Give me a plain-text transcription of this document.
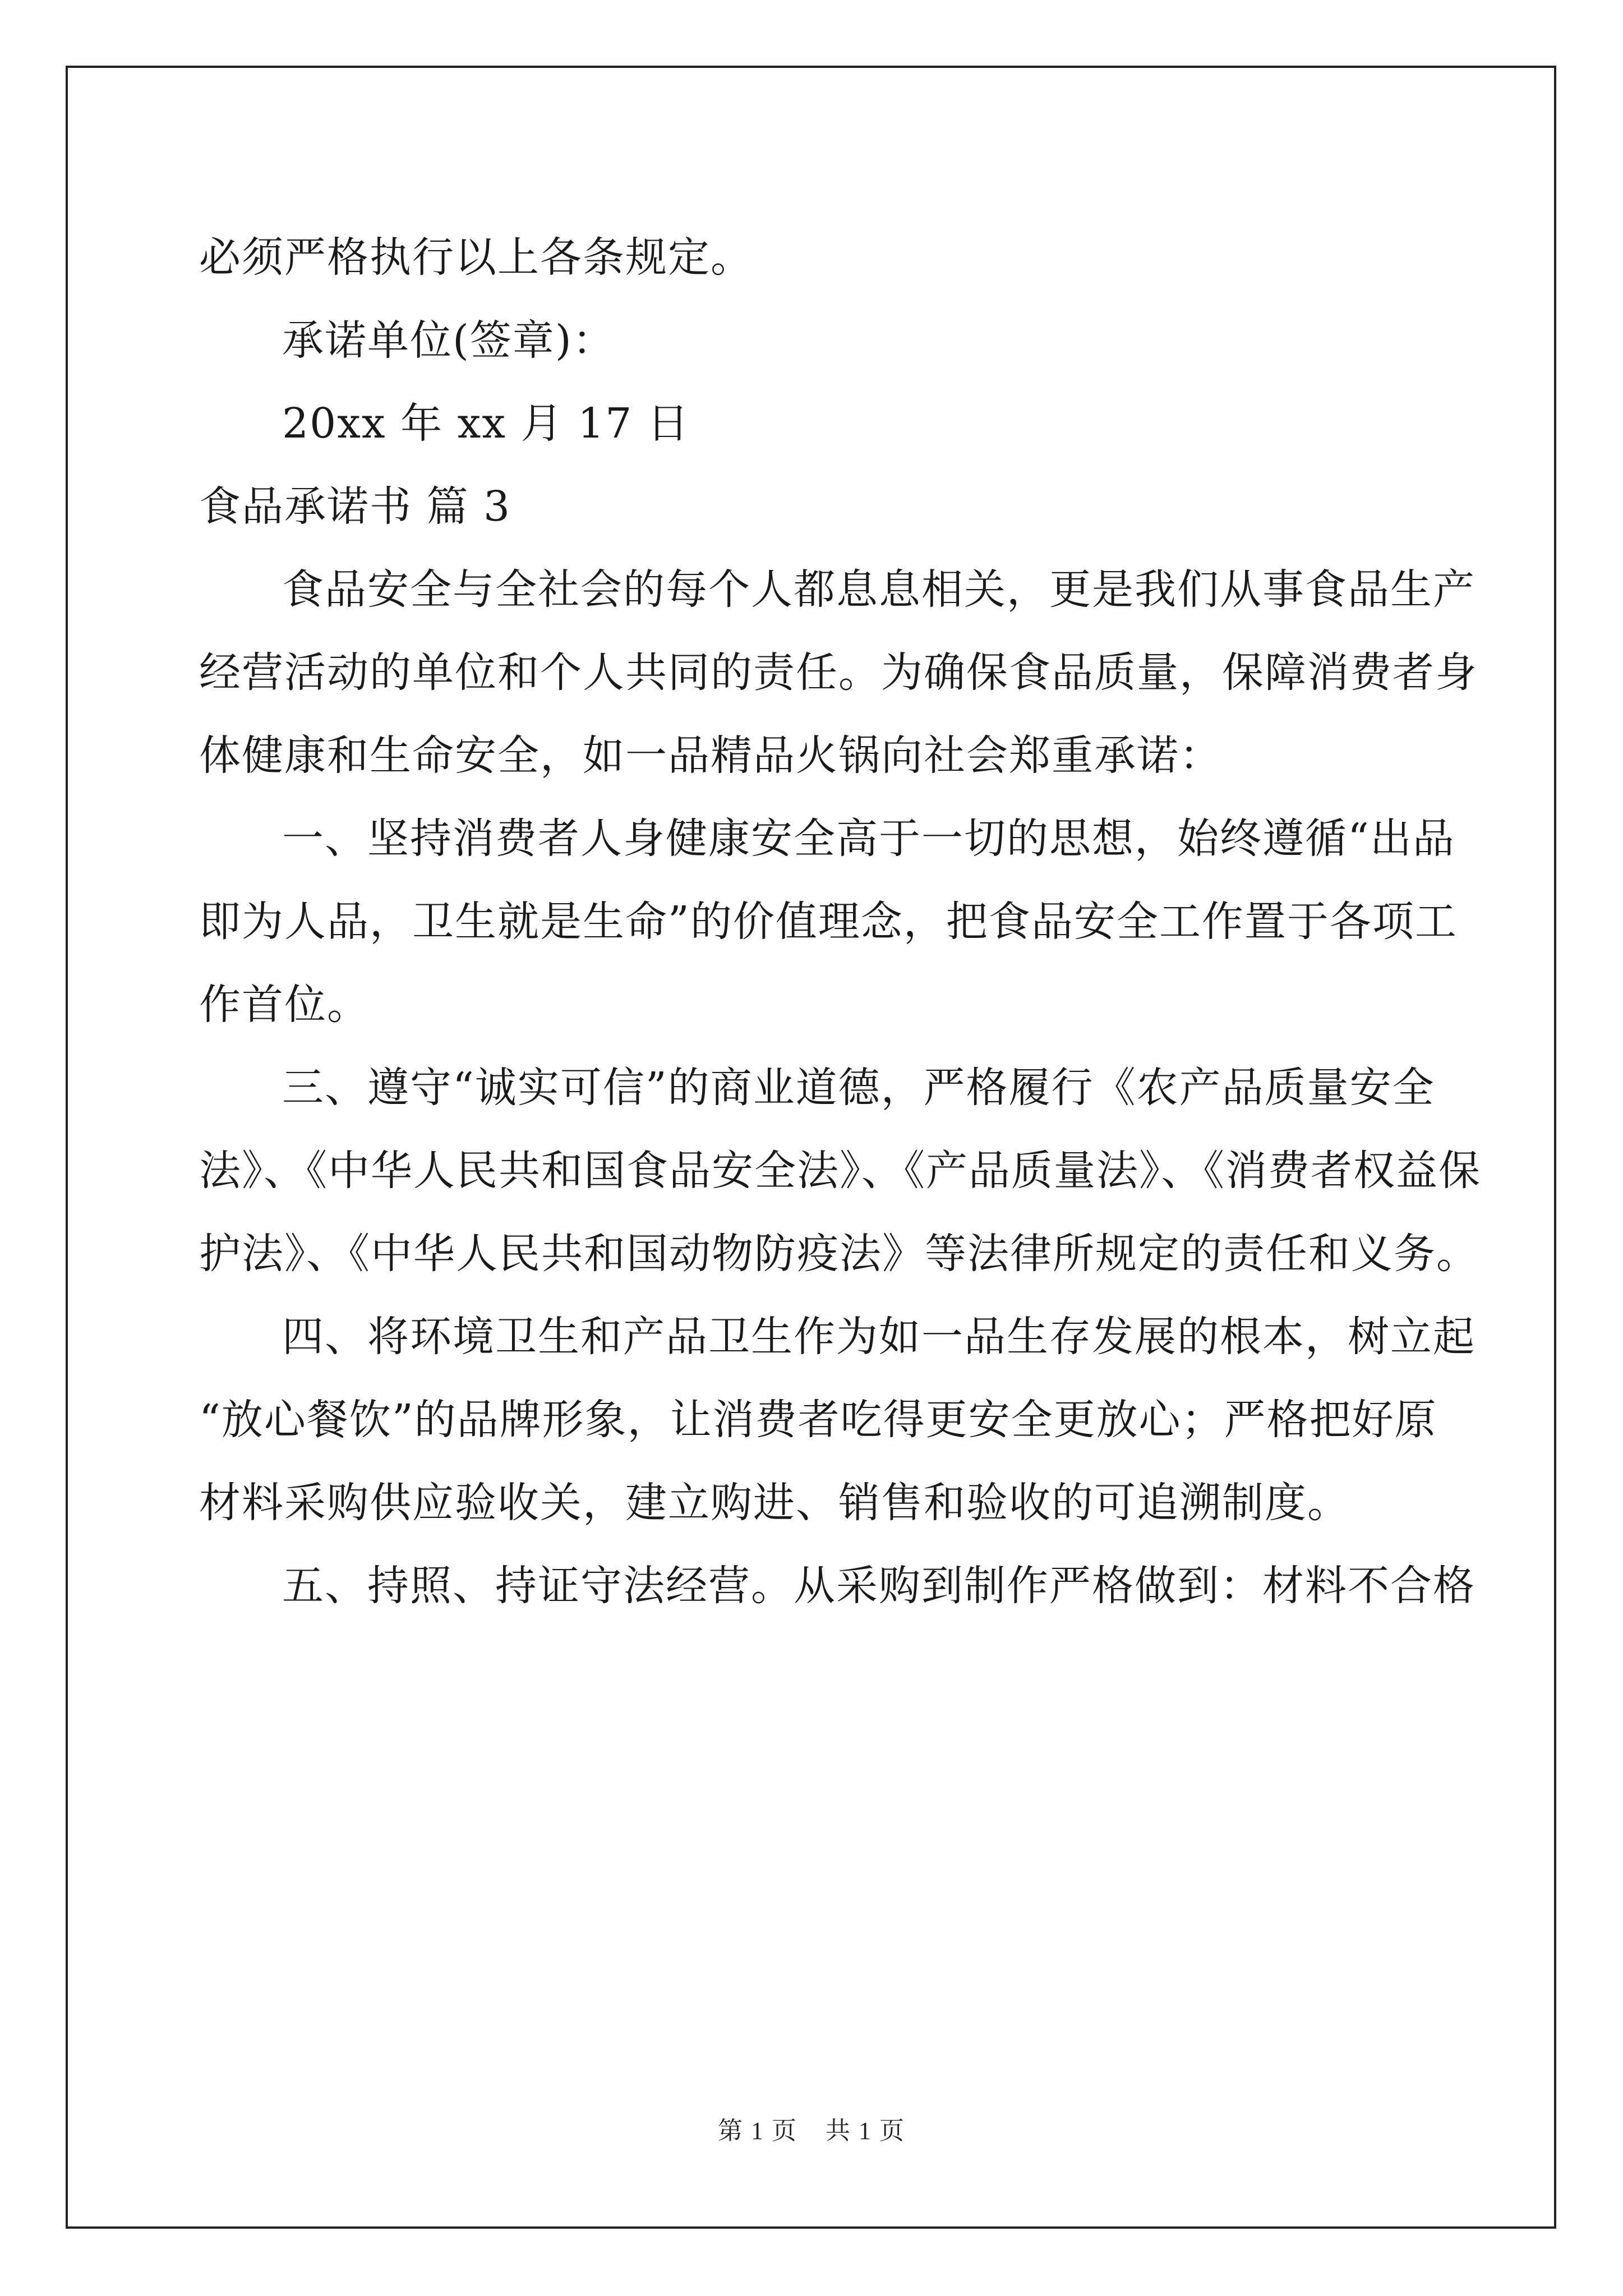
必须严格执行以上各条规定。
承诺单位(签章)：
20xx 年 xx 月 17 日
食品承诺书 篇 3
食品安全与全社会的每个人都息息相关，更是我们从事食品生产
经营活动的单位和个人共同的责任。为确保食品质量，保障消费者身
体健康和生命安全，如一品精品火锅向社会郑重承诺：
一、坚持消费者人身健康安全高于一切的思想，始终遵循“出品
即为人品，卫生就是生命”的价值理念，把食品安全工作置于各项工
作首位。
三、遵守“诚实可信”的商业道德，严格履行《农产品质量安全
法》、《中华人民共和国食品安全法》、《产品质量法》、《消费者权益保
护法》、《中华人民共和国动物防疫法》等法律所规定的责任和义务。
四、将环境卫生和产品卫生作为如一品生存发展的根本，树立起
“放心餐饮”的品牌形象，让消费者吃得更安全更放心；严格把好原
材料采购供应验收关，建立购进、销售和验收的可追溯制度。
五、持照、持证守法经营。从采购到制作严格做到：材料不合格
第 1 页 共 1 页
